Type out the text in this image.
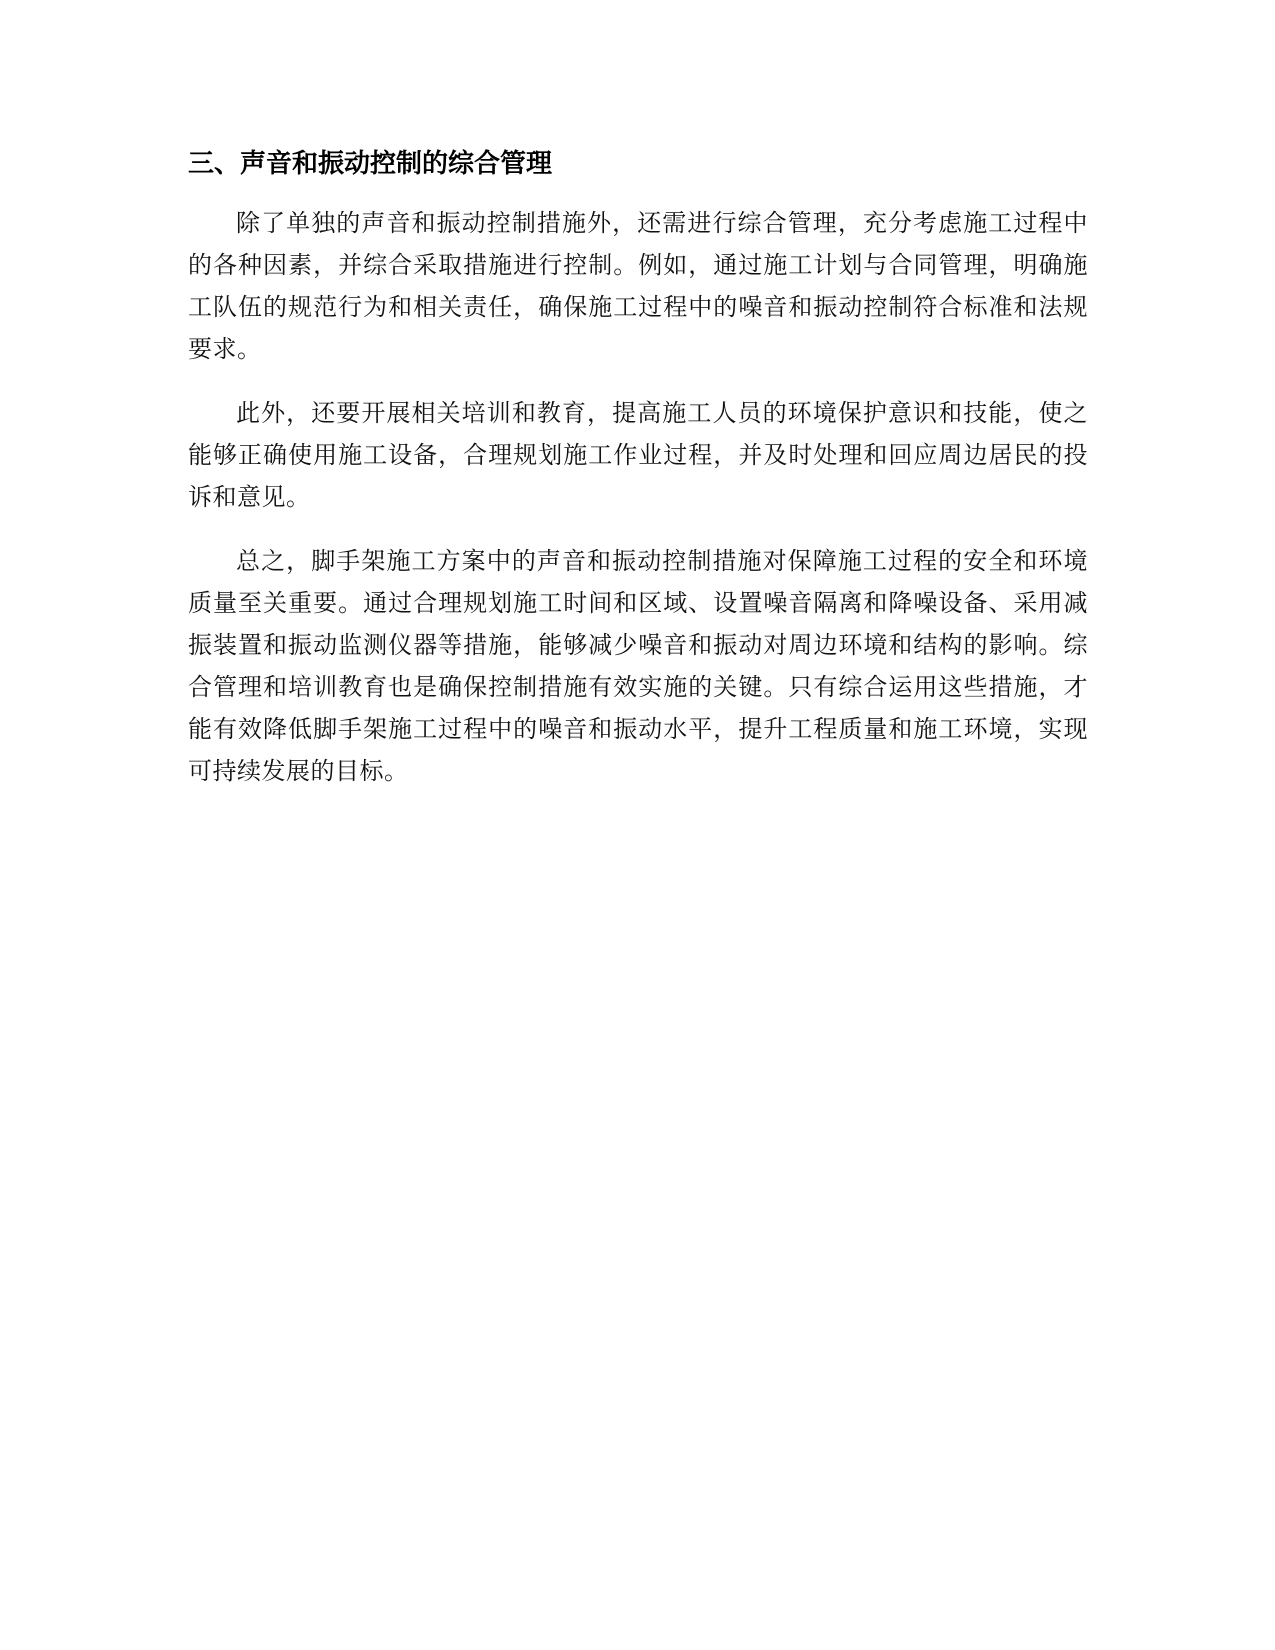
三、声音和振动控制的综合管理

除了单独的声音和振动控制措施外，还需进行综合管理，充分考虑施工过程中的各种因素，并综合采取措施进行控制。例如，通过施工计划与合同管理，明确施工队伍的规范行为和相关责任，确保施工过程中的噪音和振动控制符合标准和法规要求。

此外，还要开展相关培训和教育，提高施工人员的环境保护意识和技能，使之能够正确使用施工设备，合理规划施工作业过程，并及时处理和回应周边居民的投诉和意见。

总之，脚手架施工方案中的声音和振动控制措施对保障施工过程的安全和环境质量至关重要。通过合理规划施工时间和区域、设置噪音隔离和降噪设备、采用减振装置和振动监测仪器等措施，能够减少噪音和振动对周边环境和结构的影响。综合管理和培训教育也是确保控制措施有效实施的关键。只有综合运用这些措施，才能有效降低脚手架施工过程中的噪音和振动水平，提升工程质量和施工环境，实现可持续发展的目标。
